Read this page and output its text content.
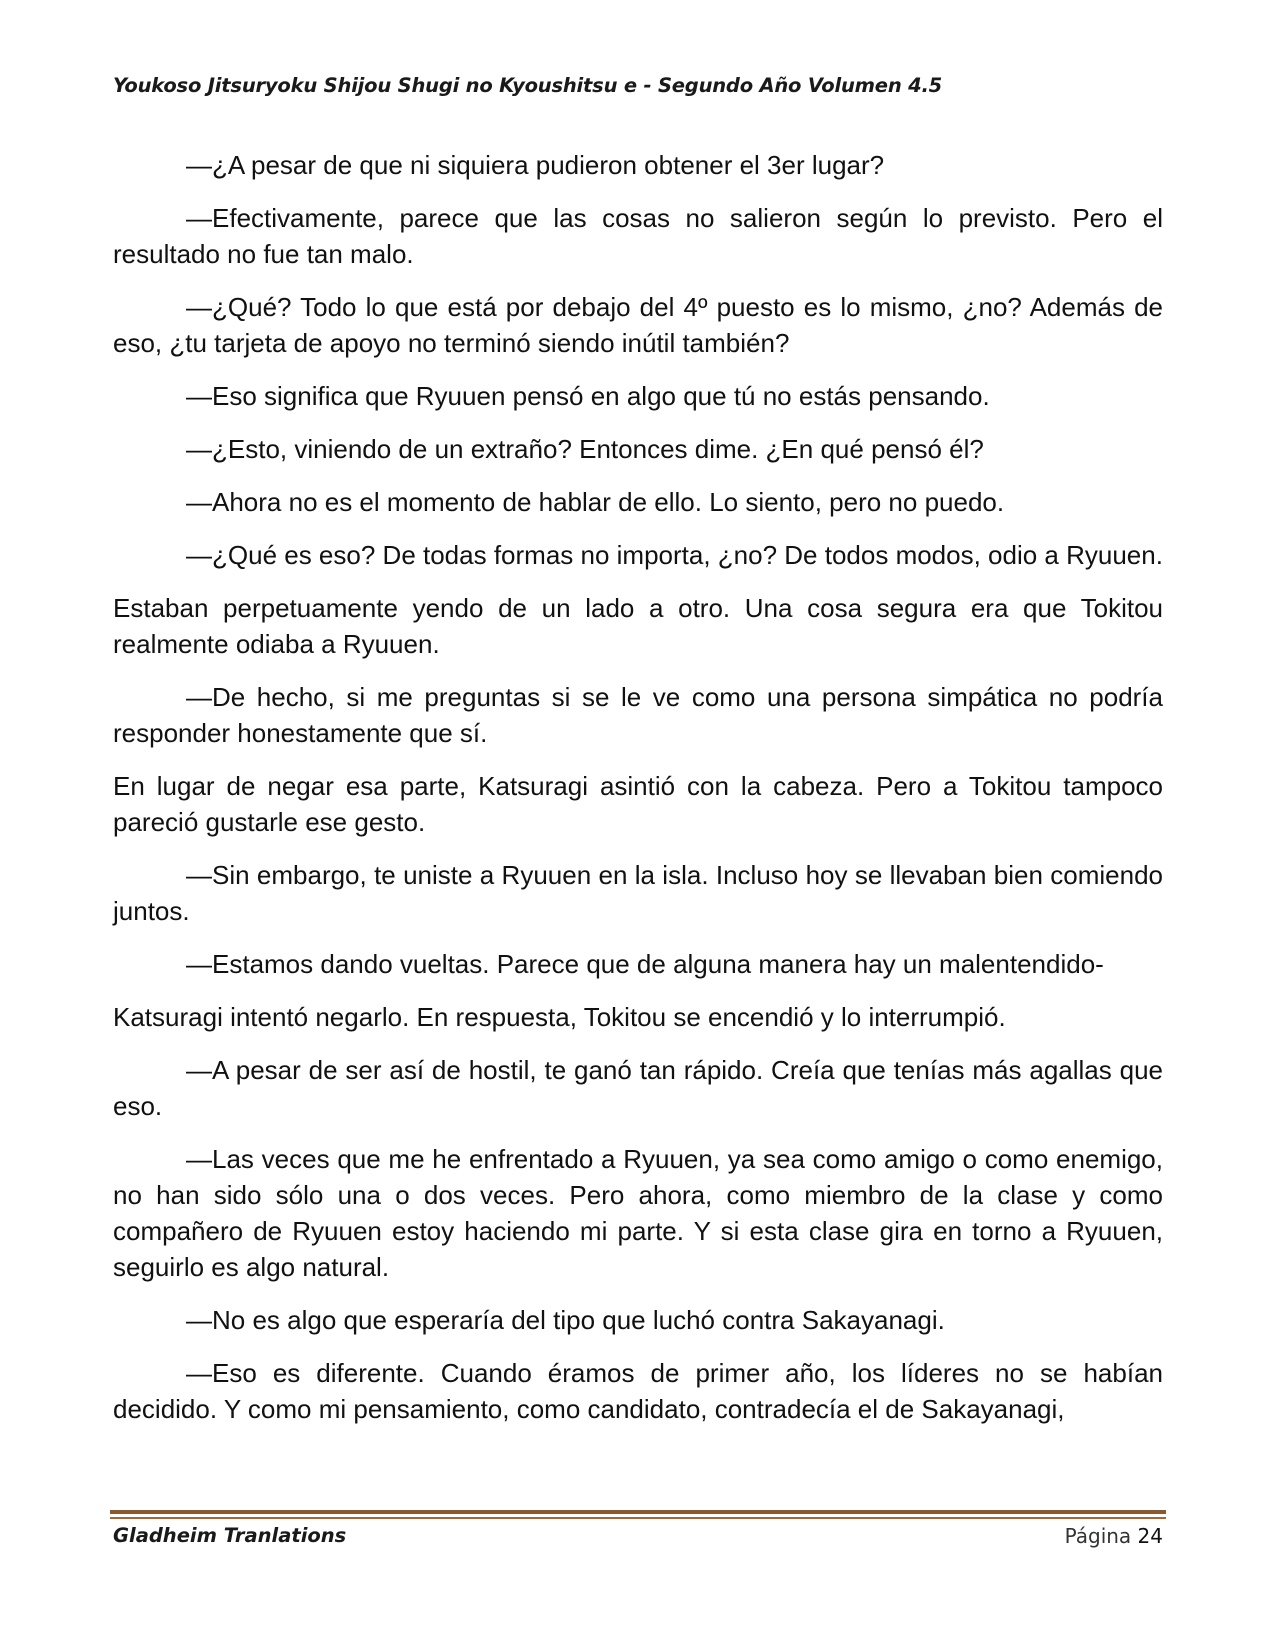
Youkoso Jitsuryoku Shijou Shugi no Kyoushitsu e - Segundo Año Volumen 4.5

—¿A pesar de que ni siquiera pudieron obtener el 3er lugar?

—Efectivamente, parece que las cosas no salieron según lo previsto. Pero el resultado no fue tan malo.

—¿Qué? Todo lo que está por debajo del 4º puesto es lo mismo, ¿no? Además de eso, ¿tu tarjeta de apoyo no terminó siendo inútil también?

—Eso significa que Ryuuen pensó en algo que tú no estás pensando.

—¿Esto, viniendo de un extraño? Entonces dime. ¿En qué pensó él?

—Ahora no es el momento de hablar de ello. Lo siento, pero no puedo.

—¿Qué es eso? De todas formas no importa, ¿no? De todos modos, odio a Ryuuen.

Estaban perpetuamente yendo de un lado a otro. Una cosa segura era que Tokitou realmente odiaba a Ryuuen.

—De hecho, si me preguntas si se le ve como una persona simpática no podría responder honestamente que sí.

En lugar de negar esa parte, Katsuragi asintió con la cabeza. Pero a Tokitou tampoco pareció gustarle ese gesto.

—Sin embargo, te uniste a Ryuuen en la isla. Incluso hoy se llevaban bien comiendo juntos.

—Estamos dando vueltas. Parece que de alguna manera hay un malentendido-

Katsuragi intentó negarlo. En respuesta, Tokitou se encendió y lo interrumpió.

—A pesar de ser así de hostil, te ganó tan rápido. Creía que tenías más agallas que eso.

—Las veces que me he enfrentado a Ryuuen, ya sea como amigo o como enemigo, no han sido sólo una o dos veces. Pero ahora, como miembro de la clase y como compañero de Ryuuen estoy haciendo mi parte. Y si esta clase gira en torno a Ryuuen, seguirlo es algo natural.

—No es algo que esperaría del tipo que luchó contra Sakayanagi.

—Eso es diferente. Cuando éramos de primer año, los líderes no se habían decidido. Y como mi pensamiento, como candidato, contradecía el de Sakayanagi,

Gladheim Tranlations	Página 24
